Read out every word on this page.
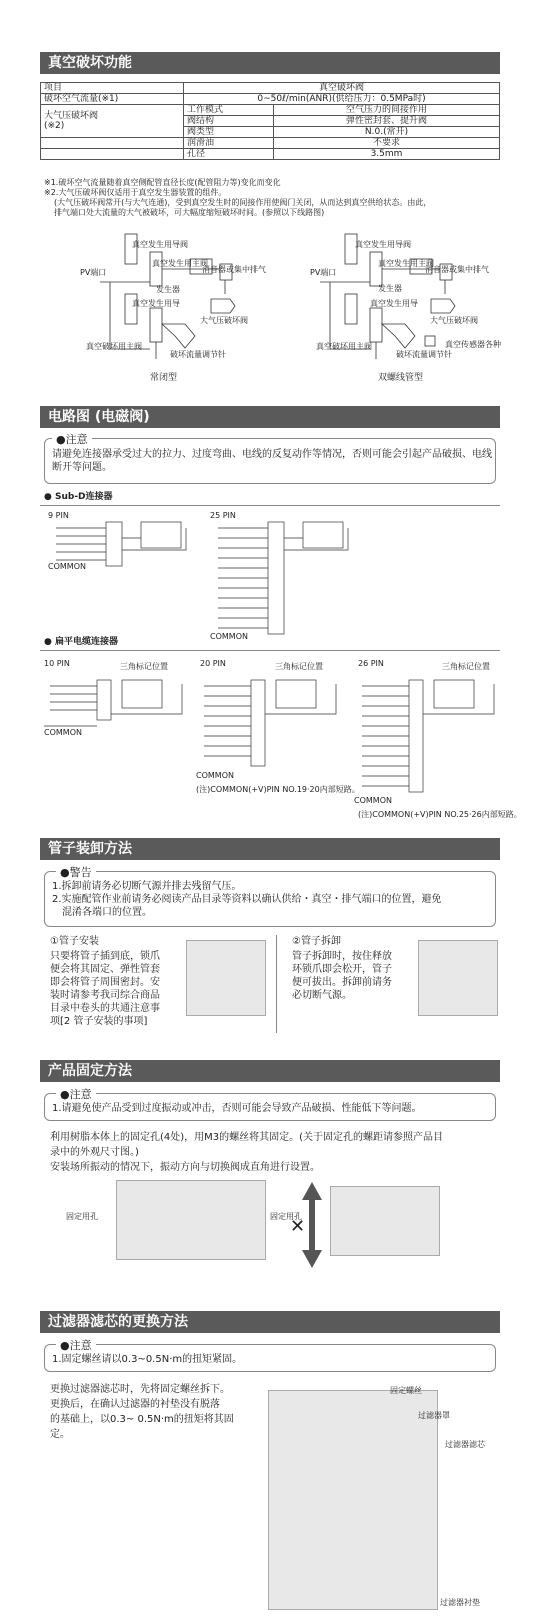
真空破坏功能
项目	真空破坏阀	
破坏空气流量(※1)	0~50ℓ/min(ANR)(供给压力：0.5MPa时)	

大气压破坏阀
(※2)	工作模式	空气压力的间接作用
	阀结构	弹性密封套、提升阀
	阀类型	N.0.(常开)
	润滑油	不要求
	孔径	3.5mm
※1.破坏空气流量随着真空侧配管直径长度(配管阻力等)变化而变化
※2.大气压破坏阀仅适用于真空发生器装置的组件。
(大气压破坏阀常开(与大气连通)，受到真空发生时的间接作用使阀门关闭，从而达到真空供给状态。由此，
排气端口处大流量的大气被破坏，可大幅度缩短破坏时间。(参照以下线路图)
真空发生用导阀
真空发生用主阀
PV端口
发生器
消音器或集中排气
真空发生用导
大气压破坏阀
真空破坏用主阀
破坏流量调节针
常闭型
真空发生用导阀
真空发生用主阀
PV端口
发生器
消音器或集中排气
真空发生用导
大气压破坏阀
真空破坏用主阀
破坏流量调节针
真空传感器各种
双螺线管型
电路图 (电磁阀)
●注意
请避免连接器承受过大的拉力、过度弯曲、电线的反复动作等情况，否则可能会引起产品破损、电线断开等问题。
● Sub-D连接器
9 PIN	25 PIN
COMMON
COMMON
● 扁平电缆连接器
10 PIN	20 PIN	26 PIN
三角标记位置	三角标记位置	三角标记位置
COMMON
COMMON
(注)COMMON(+V)PIN NO.19·20内部短路。
COMMON
(注)COMMON(+V)PIN NO.25·26内部短路。
管子装卸方法
●警告
1.拆卸前请务必切断气源并排去残留气压。
2.实施配管作业前请务必阅读产品目录等资料以确认供给・真空・排气端口的位置，避免
混淆各端口的位置。
①管子安装
只要将管子插到底，锁爪
便会将其固定、弹性管套
即会将管子周围密封。安
装时请参考我司综合商品
目录中卷头的共通注意事
项[2 管子安装的事项]
②管子拆卸
管子拆卸时，按住释放
环锁爪即会松开，管子
便可拔出。拆卸前请务
必切断气源。
产品固定方法
●注意
1.请避免使产品受到过度振动或冲击，否则可能会导致产品破损、性能低下等问题。
利用树脂本体上的固定孔(4处)，用M3的螺丝将其固定。(关于固定孔的螺距请参照产品目
录中的外观尺寸图。)
安装场所振动的情况下，振动方向与切换阀成直角进行设置。
固定用孔	固定用孔
✕
过滤器滤芯的更换方法
●注意
1.固定螺丝请以0.3~0.5N·m的扭矩紧固。
更换过滤器滤芯时，先将固定螺丝拆下。
更换后，在确认过滤器的衬垫没有脱落
的基础上，以0.3~ 0.5N·m的扭矩将其固
定。
固定螺丝
过滤器罩
过滤器滤芯
过滤器衬垫
